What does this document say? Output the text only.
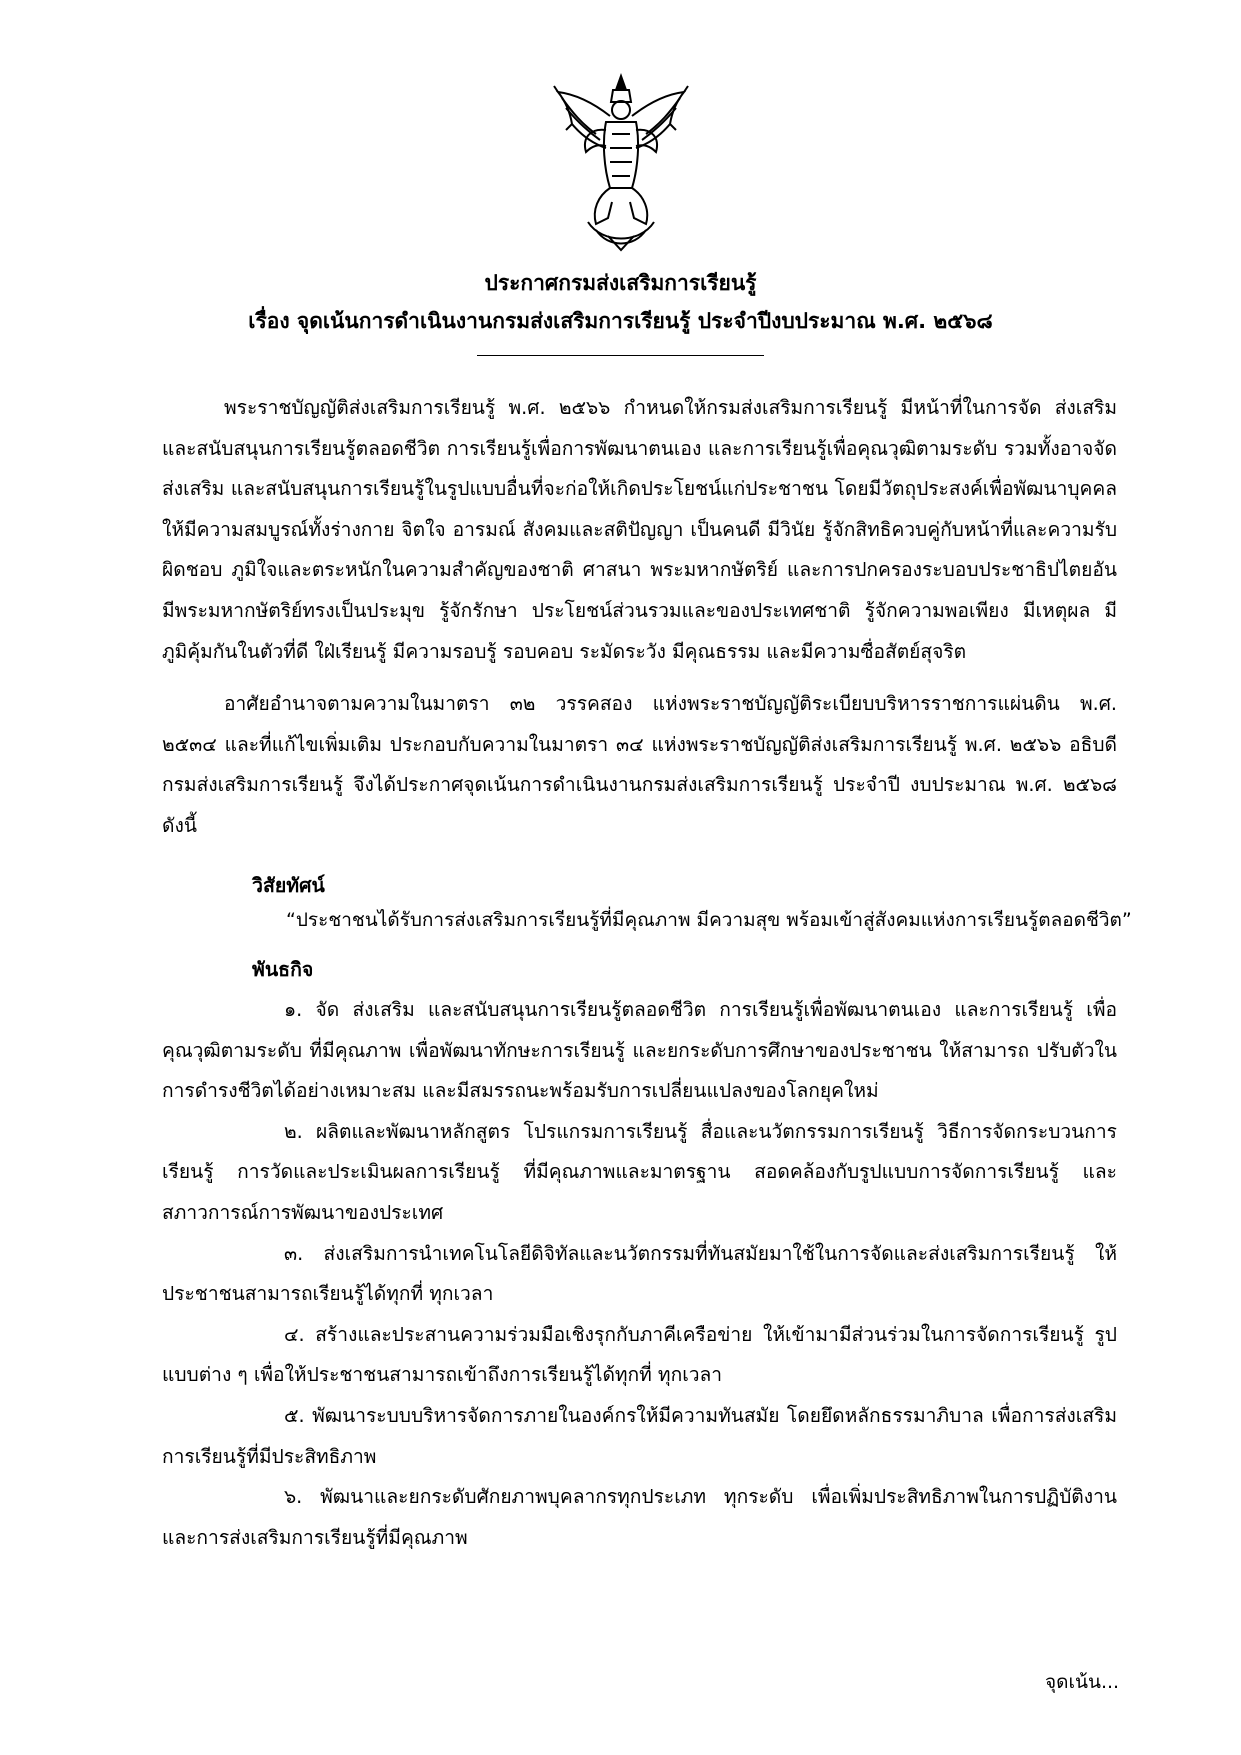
ประกาศกรมส่งเสริมการเรียนรู้
เรื่อง จุดเน้นการดำเนินงานกรมส่งเสริมการเรียนรู้ ประจำปีงบประมาณ พ.ศ. ๒๕๖๘
พระราชบัญญัติส่งเสริมการเรียนรู้ พ.ศ. ๒๕๖๖ กำหนดให้กรมส่งเสริมการเรียนรู้ มีหน้าที่ในการจัด ส่งเสริม และสนับสนุนการเรียนรู้ตลอดชีวิต การเรียนรู้เพื่อการพัฒนาตนเอง และการเรียนรู้เพื่อคุณวุฒิตามระดับ รวมทั้งอาจจัด ส่งเสริม และสนับสนุนการเรียนรู้ในรูปแบบอื่นที่จะก่อให้เกิดประโยชน์แก่ประชาชน โดยมีวัตถุประสงค์เพื่อพัฒนาบุคคลให้มีความสมบูรณ์ทั้งร่างกาย จิตใจ อารมณ์ สังคมและสติปัญญา เป็นคนดี มีวินัย รู้จักสิทธิควบคู่กับหน้าที่และความรับผิดชอบ ภูมิใจและตระหนักในความสำคัญของชาติ ศาสนา พระมหากษัตริย์ และการปกครองระบอบประชาธิปไตยอันมีพระมหากษัตริย์ทรงเป็นประมุข รู้จักรักษา ประโยชน์ส่วนรวมและของประเทศชาติ รู้จักความพอเพียง มีเหตุผล มีภูมิคุ้มกันในตัวที่ดี ใฝ่เรียนรู้ มีความรอบรู้ รอบคอบ ระมัดระวัง มีคุณธรรม และมีความซื่อสัตย์สุจริต
อาศัยอำนาจตามความในมาตรา ๓๒ วรรคสอง แห่งพระราชบัญญัติระเบียบบริหารราชการแผ่นดิน พ.ศ. ๒๕๓๔ และที่แก้ไขเพิ่มเติม ประกอบกับความในมาตรา ๓๔ แห่งพระราชบัญญัติส่งเสริมการเรียนรู้ พ.ศ. ๒๕๖๖ อธิบดีกรมส่งเสริมการเรียนรู้ จึงได้ประกาศจุดเน้นการดำเนินงานกรมส่งเสริมการเรียนรู้ ประจำปี งบประมาณ พ.ศ. ๒๕๖๘ ดังนี้
วิสัยทัศน์
“ประชาชนได้รับการส่งเสริมการเรียนรู้ที่มีคุณภาพ มีความสุข พร้อมเข้าสู่สังคมแห่งการเรียนรู้ตลอดชีวิต”
พันธกิจ

๑. จัด ส่งเสริม และสนับสนุนการเรียนรู้ตลอดชีวิต การเรียนรู้เพื่อพัฒนาตนเอง และการเรียนรู้ เพื่อคุณวุฒิตามระดับ ที่มีคุณภาพ เพื่อพัฒนาทักษะการเรียนรู้ และยกระดับการศึกษาของประชาชน ให้สามารถ ปรับตัวในการดำรงชีวิตได้อย่างเหมาะสม และมีสมรรถนะพร้อมรับการเปลี่ยนแปลงของโลกยุคใหม่

๒. ผลิตและพัฒนาหลักสูตร โปรแกรมการเรียนรู้ สื่อและนวัตกรรมการเรียนรู้ วิธีการจัดกระบวนการ เรียนรู้ การวัดและประเมินผลการเรียนรู้ ที่มีคุณภาพและมาตรฐาน สอดคล้องกับรูปแบบการจัดการเรียนรู้ และสภาวการณ์การพัฒนาของประเทศ

๓. ส่งเสริมการนำเทคโนโลยีดิจิทัลและนวัตกรรมที่ทันสมัยมาใช้ในการจัดและส่งเสริมการเรียนรู้ ให้ประชาชนสามารถเรียนรู้ได้ทุกที่ ทุกเวลา

๔. สร้างและประสานความร่วมมือเชิงรุกกับภาคีเครือข่าย ให้เข้ามามีส่วนร่วมในการจัดการเรียนรู้ รูปแบบต่าง ๆ เพื่อให้ประชาชนสามารถเข้าถึงการเรียนรู้ได้ทุกที่ ทุกเวลา

๕. พัฒนาระบบบริหารจัดการภายในองค์กรให้มีความทันสมัย โดยยึดหลักธรรมาภิบาล เพื่อการส่งเสริม การเรียนรู้ที่มีประสิทธิภาพ

๖. พัฒนาและยกระดับศักยภาพบุคลากรทุกประเภท ทุกระดับ เพื่อเพิ่มประสิทธิภาพในการปฏิบัติงาน และการส่งเสริมการเรียนรู้ที่มีคุณภาพ

จุดเน้น...
